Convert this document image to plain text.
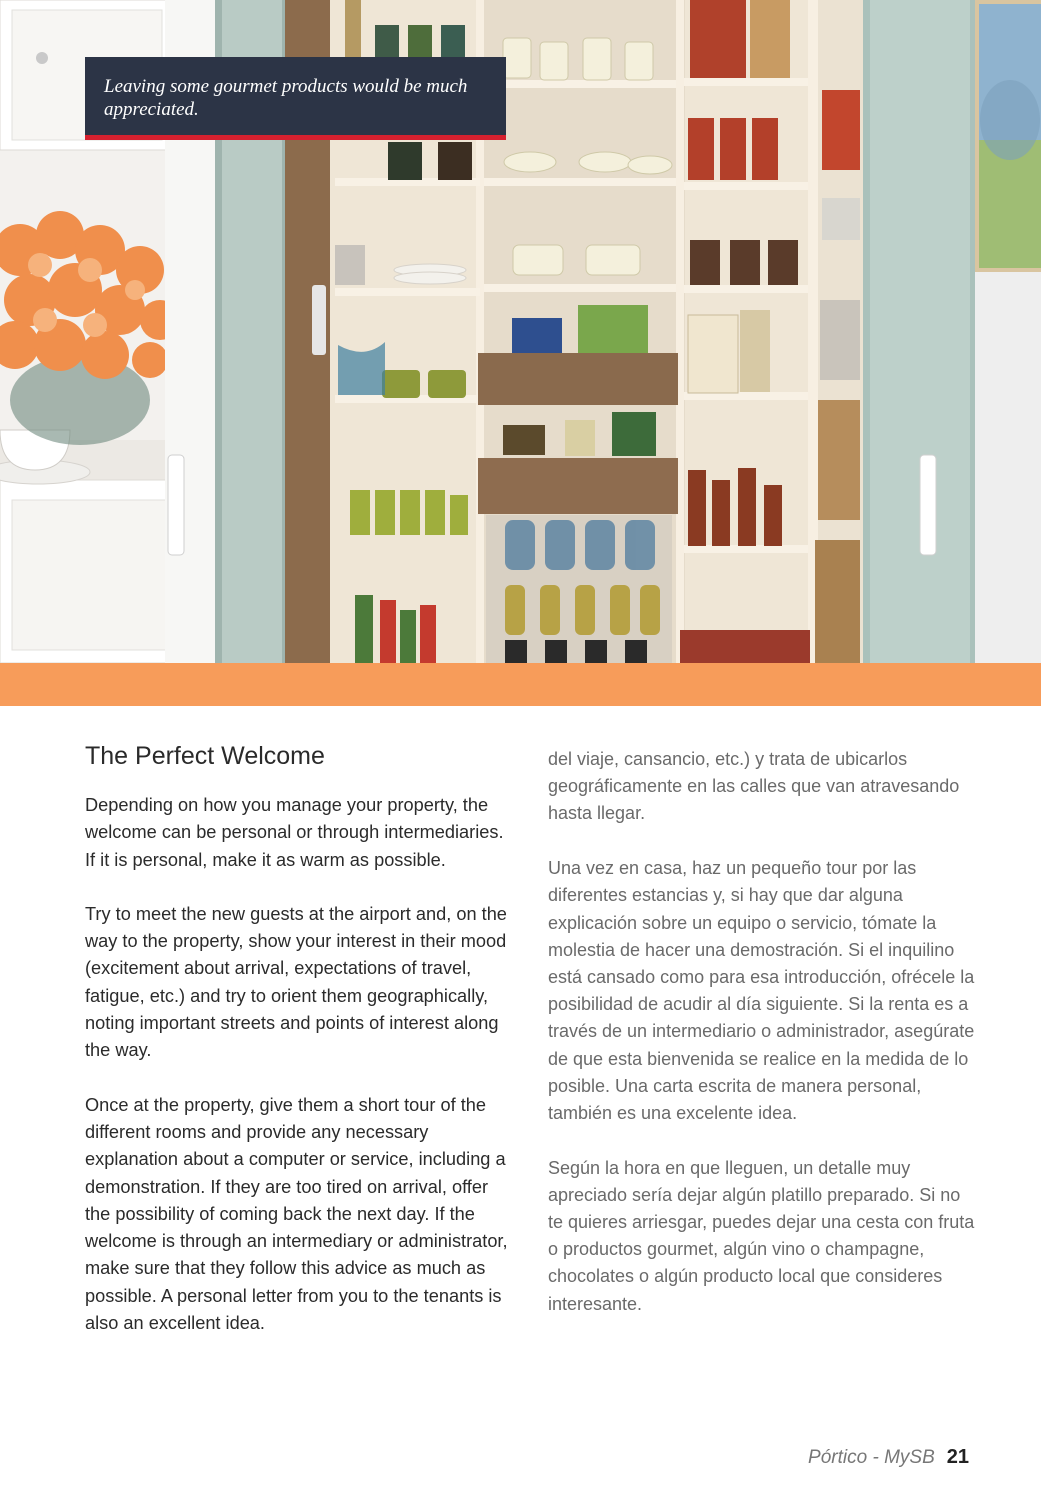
Leaving some gourmet products would be much appreciated.
The Perfect Welcome

Depending on how you manage your property, the welcome can be personal or through intermediaries. If it is personal, make it as warm as possible.

Try to meet the new guests at the airport and, on the way to the property, show your interest in their mood (excitement about arrival, expectations of travel, fatigue, etc.) and try to orient them geographically, noting important streets and points of interest along the way.

Once at the property, give them a short tour of the different rooms and provide any necessary explanation about a computer or service, including a demonstration. If they are too tired on arrival, offer the possibility of coming back the next day. If the welcome is through an intermediary or administrator, make sure that they follow this advice as much as possible. A personal letter from you to the tenants is also an excellent idea.

del viaje, cansancio, etc.) y trata de ubicarlos geográficamente en las calles que van atravesando hasta llegar.

Una vez en casa, haz un pequeño tour por las diferentes estancias y, si hay que dar alguna explicación sobre un equipo o servicio, tómate la molestia de hacer una demostración. Si el inquilino está cansado como para esa introducción, ofrécele la posibilidad de acudir al día siguiente. Si la renta es a través de un intermediario o administrador, asegúrate de que esta bienvenida se realice en la medida de lo posible. Una carta escrita de manera personal, también es una excelente idea.

Según la hora en que lleguen, un detalle muy apreciado sería dejar algún platillo preparado. Si no te quieres arriesgar, puedes dejar una cesta con fruta o productos gourmet, algún vino o champagne, chocolates o algún producto local que consideres interesante.

Pórtico - MySB 21
